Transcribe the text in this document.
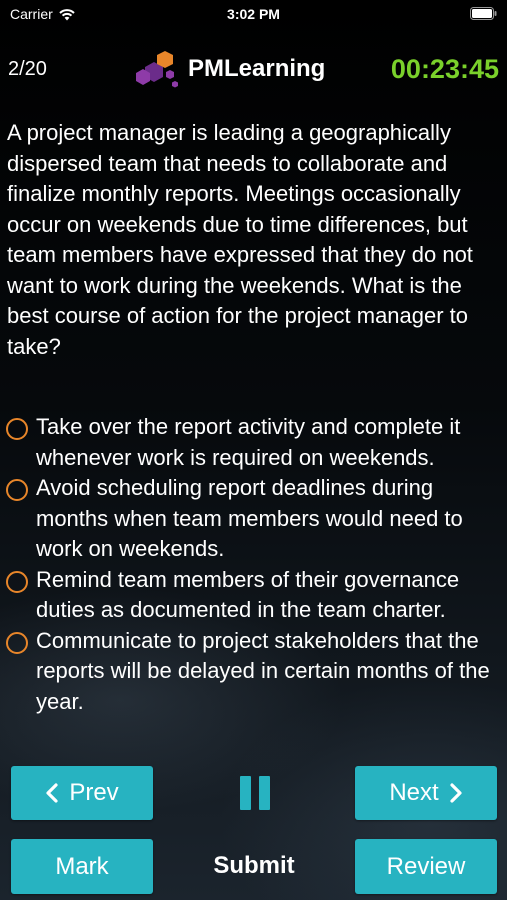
Carrier	3:02 PM
2/20	PMLearning 00:23:45

A project manager is leading a geographically dispersed team that needs to collaborate and finalize monthly reports. Meetings occasionally occur on weekends due to time differences, but team members have expressed that they do not want to work during the weekends. What is the best course of action for the project manager to take?

Take over the report activity and complete it whenever work is required on weekends.
Avoid scheduling report deadlines during months when team members would need to work on weekends.
Remind team members of their governance duties as documented in the team charter.
Communicate to project stakeholders that the reports will be delayed in certain months of the year.
Prev	Next
Mark	Submit	Review
